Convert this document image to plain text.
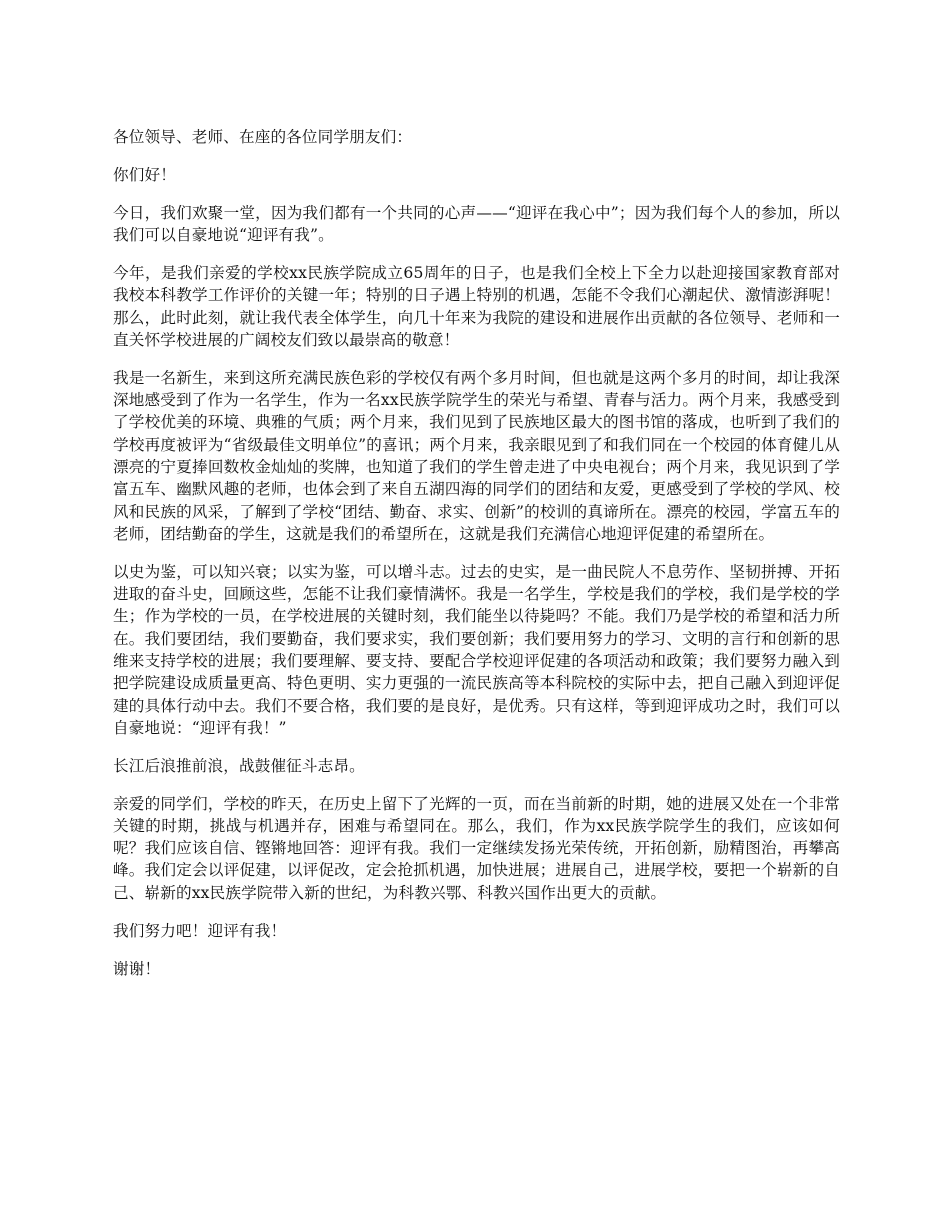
各位领导、老师、在座的各位同学朋友们：

你们好！

今日，我们欢聚一堂，因为我们都有一个共同的心声——“迎评在我心中”；因为我们每个人的参加，所以我们可以自豪地说“迎评有我”。

今年，是我们亲爱的学校xx民族学院成立65周年的日子，也是我们全校上下全力以赴迎接国家教育部对我校本科教学工作评价的关键一年；特别的日子遇上特别的机遇，怎能不令我们心潮起伏、激情澎湃呢！那么，此时此刻，就让我代表全体学生，向几十年来为我院的建设和进展作出贡献的各位领导、老师和一直关怀学校进展的广阔校友们致以最崇高的敬意！

我是一名新生，来到这所充满民族色彩的学校仅有两个多月时间，但也就是这两个多月的时间，却让我深深地感受到了作为一名学生，作为一名xx民族学院学生的荣光与希望、青春与活力。两个月来，我感受到了学校优美的环境、典雅的气质；两个月来，我们见到了民族地区最大的图书馆的落成，也听到了我们的学校再度被评为“省级最佳文明单位”的喜讯；两个月来，我亲眼见到了和我们同在一个校园的体育健儿从漂亮的宁夏捧回数枚金灿灿的奖牌，也知道了我们的学生曾走进了中央电视台；两个月来，我见识到了学富五车、幽默风趣的老师，也体会到了来自五湖四海的同学们的团结和友爱，更感受到了学校的学风、校风和民族的风采，了解到了学校“团结、勤奋、求实、创新”的校训的真谛所在。漂亮的校园，学富五车的老师，团结勤奋的学生，这就是我们的希望所在，这就是我们充满信心地迎评促建的希望所在。

以史为鉴，可以知兴衰；以实为鉴，可以增斗志。过去的史实，是一曲民院人不息劳作、坚韧拼搏、开拓进取的奋斗史，回顾这些，怎能不让我们豪情满怀。我是一名学生，学校是我们的学校，我们是学校的学生；作为学校的一员，在学校进展的关键时刻，我们能坐以待毙吗？不能。我们乃是学校的希望和活力所在。我们要团结，我们要勤奋，我们要求实，我们要创新；我们要用努力的学习、文明的言行和创新的思维来支持学校的进展；我们要理解、要支持、要配合学校迎评促建的各项活动和政策；我们要努力融入到把学院建设成质量更高、特色更明、实力更强的一流民族高等本科院校的实际中去，把自己融入到迎评促建的具体行动中去。我们不要合格，我们要的是良好，是优秀。只有这样，等到迎评成功之时，我们可以自豪地说：“迎评有我！”

长江后浪推前浪，战鼓催征斗志昂。

亲爱的同学们，学校的昨天，在历史上留下了光辉的一页，而在当前新的时期，她的进展又处在一个非常关键的时期，挑战与机遇并存，困难与希望同在。那么，我们，作为xx民族学院学生的我们，应该如何呢？我们应该自信、铿锵地回答：迎评有我。我们一定继续发扬光荣传统，开拓创新，励精图治，再攀高峰。我们定会以评促建，以评促改，定会抢抓机遇，加快进展；进展自己，进展学校，要把一个崭新的自己、崭新的xx民族学院带入新的世纪，为科教兴鄂、科教兴国作出更大的贡献。

我们努力吧！迎评有我！

谢谢！
